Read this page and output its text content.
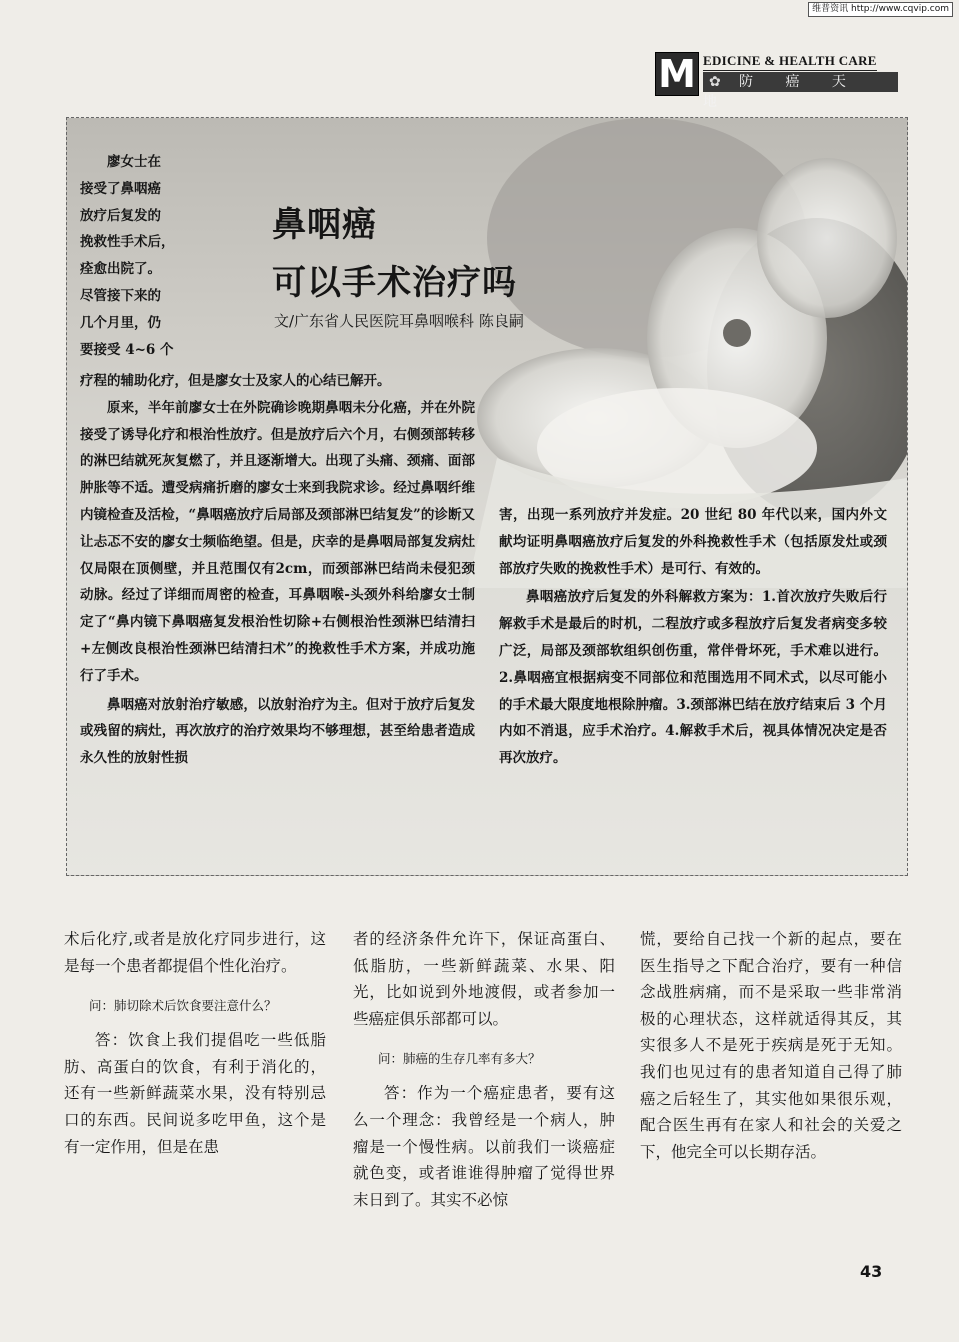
维普资讯 http://www.cqvip.com
M EDICINE & HEALTH CARE
防 癌 天 地
✿
鼻咽癌
可以手术治疗吗
文/广东省人民医院耳鼻咽喉科 陈良嗣
廖女士在
接受了鼻咽癌
放疗后复发的
挽救性手术后，
痊愈出院了。
尽管接下来的
几个月里，仍
要接受 4~6 个

疗程的辅助化疗，但是廖女士及家人的心结已解开。

原来，半年前廖女士在外院确诊晚期鼻咽未分化癌，并在外院接受了诱导化疗和根治性放疗。但是放疗后六个月，右侧颈部转移的淋巴结就死灰复燃了，并且逐渐增大。出现了头痛、颈痛、面部肿胀等不适。遭受病痛折磨的廖女士来到我院求诊。经过鼻咽纤维内镜检查及活检，“鼻咽癌放疗后局部及颈部淋巴结复发”的诊断又让忐忑不安的廖女士频临绝望。但是，庆幸的是鼻咽局部复发病灶仅局限在顶侧壁，并且范围仅有2cm，而颈部淋巴结尚未侵犯颈动脉。经过了详细而周密的检查，耳鼻咽喉-头颈外科给廖女士制定了“鼻内镜下鼻咽癌复发根治性切除+右侧根治性颈淋巴结清扫+左侧改良根治性颈淋巴结清扫术”的挽救性手术方案，并成功施行了手术。

鼻咽癌对放射治疗敏感，以放射治疗为主。但对于放疗后复发或残留的病灶，再次放疗的治疗效果均不够理想，甚至给患者造成永久性的放射性损

害，出现一系列放疗并发症。20 世纪 80 年代以来，国内外文献均证明鼻咽癌放疗后复发的外科挽救性手术（包括原发灶或颈部放疗失败的挽救性手术）是可行、有效的。

鼻咽癌放疗后复发的外科解救方案为：1.首次放疗失败后行解救手术是最后的时机，二程放疗或多程放疗后复发者病变多较广泛，局部及颈部软组织创伤重，常伴骨坏死，手术难以进行。2.鼻咽癌宜根据病变不同部位和范围选用不同术式，以尽可能小的手术最大限度地根除肿瘤。3.颈部淋巴结在放疗结束后 3 个月内如不消退，应手术治疗。4.解救手术后，视具体情况决定是否再次放疗。

术后化疗,或者是放化疗同步进行，这是每一个患者都提倡个性化治疗。

问：肺切除术后饮食要注意什么？

答：饮食上我们提倡吃一些低脂肪、高蛋白的饮食，有利于消化的，还有一些新鲜蔬菜水果，没有特别忌口的东西。民间说多吃甲鱼，这个是有一定作用，但是在患

者的经济条件允许下，保证高蛋白、低脂肪，一些新鲜蔬菜、水果、阳光，比如说到外地渡假，或者参加一些癌症俱乐部都可以。

问：肺癌的生存几率有多大？

答：作为一个癌症患者，要有这么一个理念：我曾经是一个病人，肿瘤是一个慢性病。以前我们一谈癌症就色变，或者谁谁得肿瘤了觉得世界末日到了。其实不必惊

慌，要给自己找一个新的起点，要在医生指导之下配合治疗，要有一种信念战胜病痛，而不是采取一些非常消极的心理状态，这样就适得其反，其实很多人不是死于疾病是死于无知。我们也见过有的患者知道自己得了肺癌之后轻生了，其实他如果很乐观，配合医生再有在家人和社会的关爱之下，他完全可以长期存活。

43
